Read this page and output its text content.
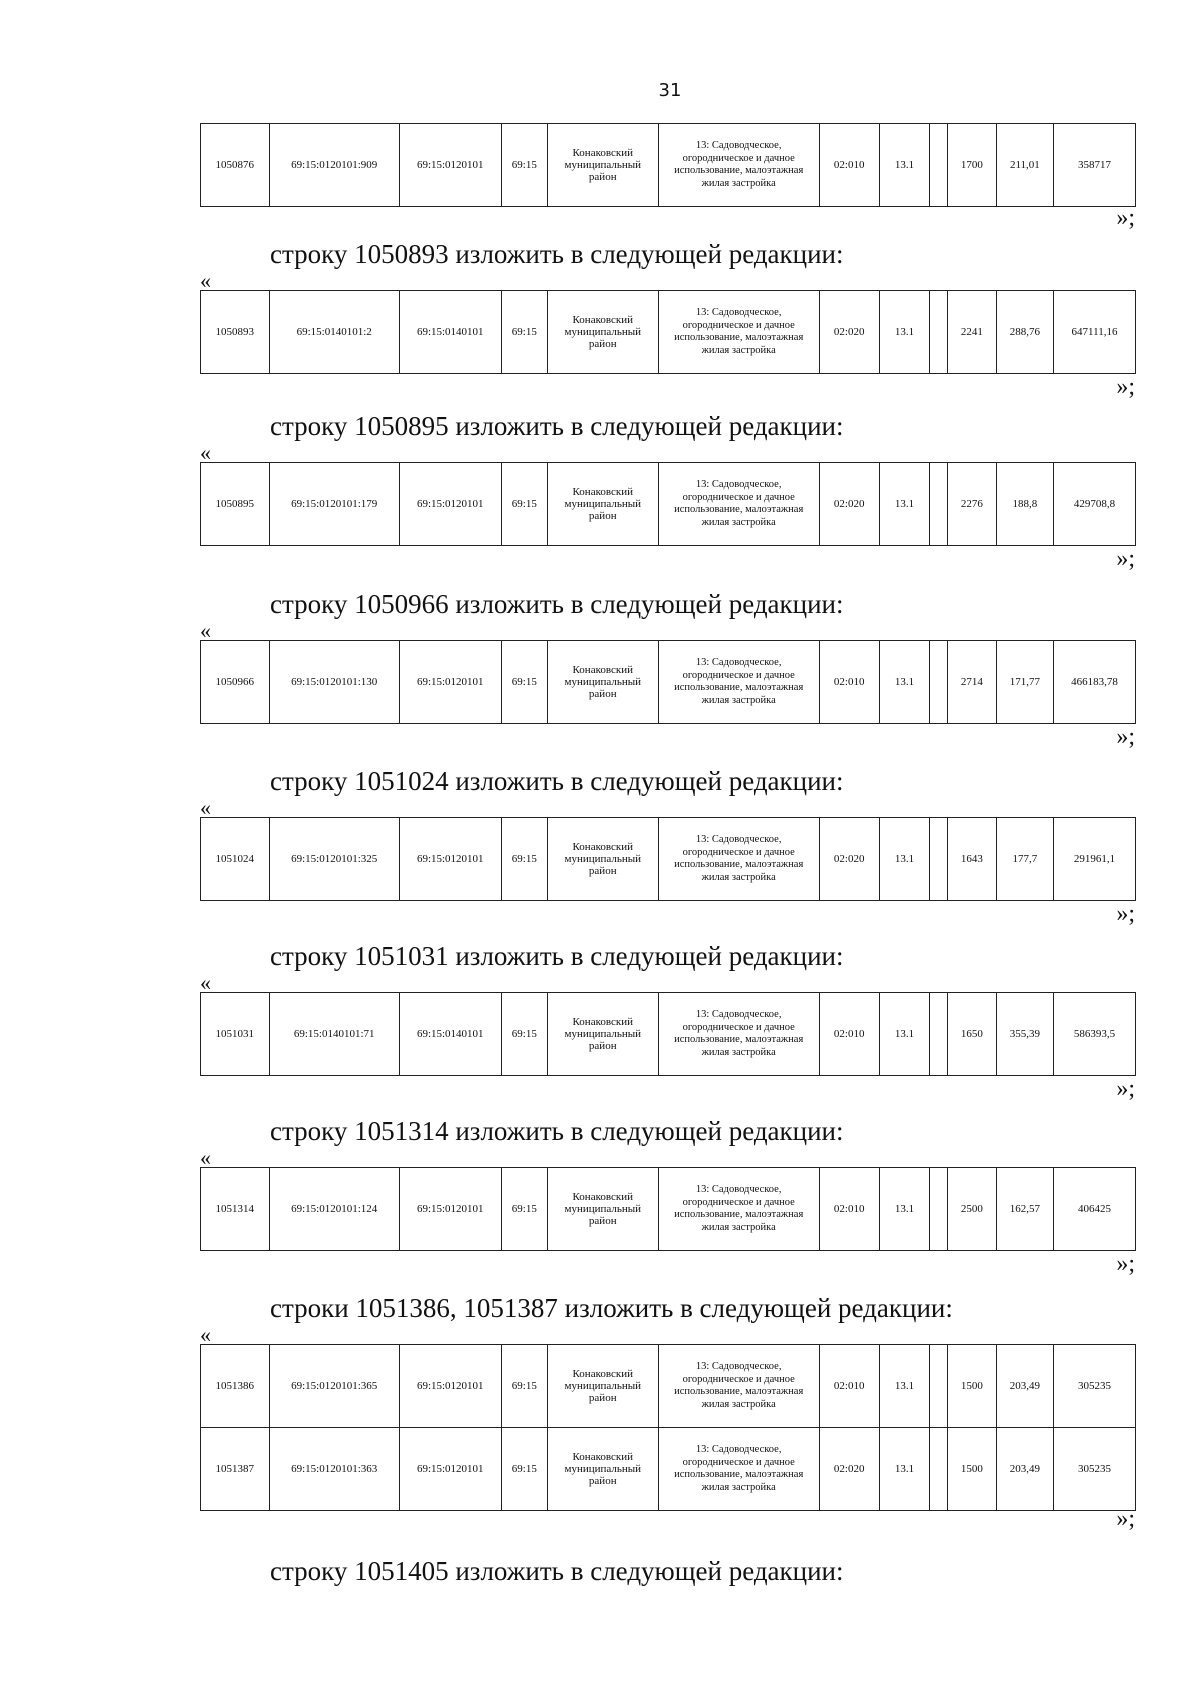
31
1050876	69:15:0120101:909	69:15:0120101	69:15	Конаковский муниципальный район	13: Садоводческое, огородническое и дачное использование, малоэтажная жилая застройка	02:010	13.1		1700	211,01	358717
»;
строку 1050893 изложить в следующей редакции:
«
1050893	69:15:0140101:2	69:15:0140101	69:15	Конаковский муниципальный район	13: Садоводческое, огородническое и дачное использование, малоэтажная жилая застройка	02:020	13.1		2241	288,76	647111,16
»;
строку 1050895 изложить в следующей редакции:
«
1050895	69:15:0120101:179	69:15:0120101	69:15	Конаковский муниципальный район	13: Садоводческое, огородническое и дачное использование, малоэтажная жилая застройка	02:020	13.1		2276	188,8	429708,8
»;
строку 1050966 изложить в следующей редакции:
«
1050966	69:15:0120101:130	69:15:0120101	69:15	Конаковский муниципальный район	13: Садоводческое, огородническое и дачное использование, малоэтажная жилая застройка	02:010	13.1		2714	171,77	466183,78
»;
строку 1051024 изложить в следующей редакции:
«
1051024	69:15:0120101:325	69:15:0120101	69:15	Конаковский муниципальный район	13: Садоводческое, огородническое и дачное использование, малоэтажная жилая застройка	02:020	13.1		1643	177,7	291961,1
»;
строку 1051031 изложить в следующей редакции:
«
1051031	69:15:0140101:71	69:15:0140101	69:15	Конаковский муниципальный район	13: Садоводческое, огородническое и дачное использование, малоэтажная жилая застройка	02:010	13.1		1650	355,39	586393,5
»;
строку 1051314 изложить в следующей редакции:
«
1051314	69:15:0120101:124	69:15:0120101	69:15	Конаковский муниципальный район	13: Садоводческое, огородническое и дачное использование, малоэтажная жилая застройка	02:010	13.1		2500	162,57	406425
»;
строки 1051386, 1051387 изложить в следующей редакции:
«
1051386	69:15:0120101:365	69:15:0120101	69:15	Конаковский муниципальный район	13: Садоводческое, огородническое и дачное использование, малоэтажная жилая застройка	02:010	13.1		1500	203,49	305235
1051387	69:15:0120101:363	69:15:0120101	69:15	Конаковский муниципальный район	13: Садоводческое, огородническое и дачное использование, малоэтажная жилая застройка	02:020	13.1		1500	203,49	305235
»;
строку 1051405 изложить в следующей редакции:
